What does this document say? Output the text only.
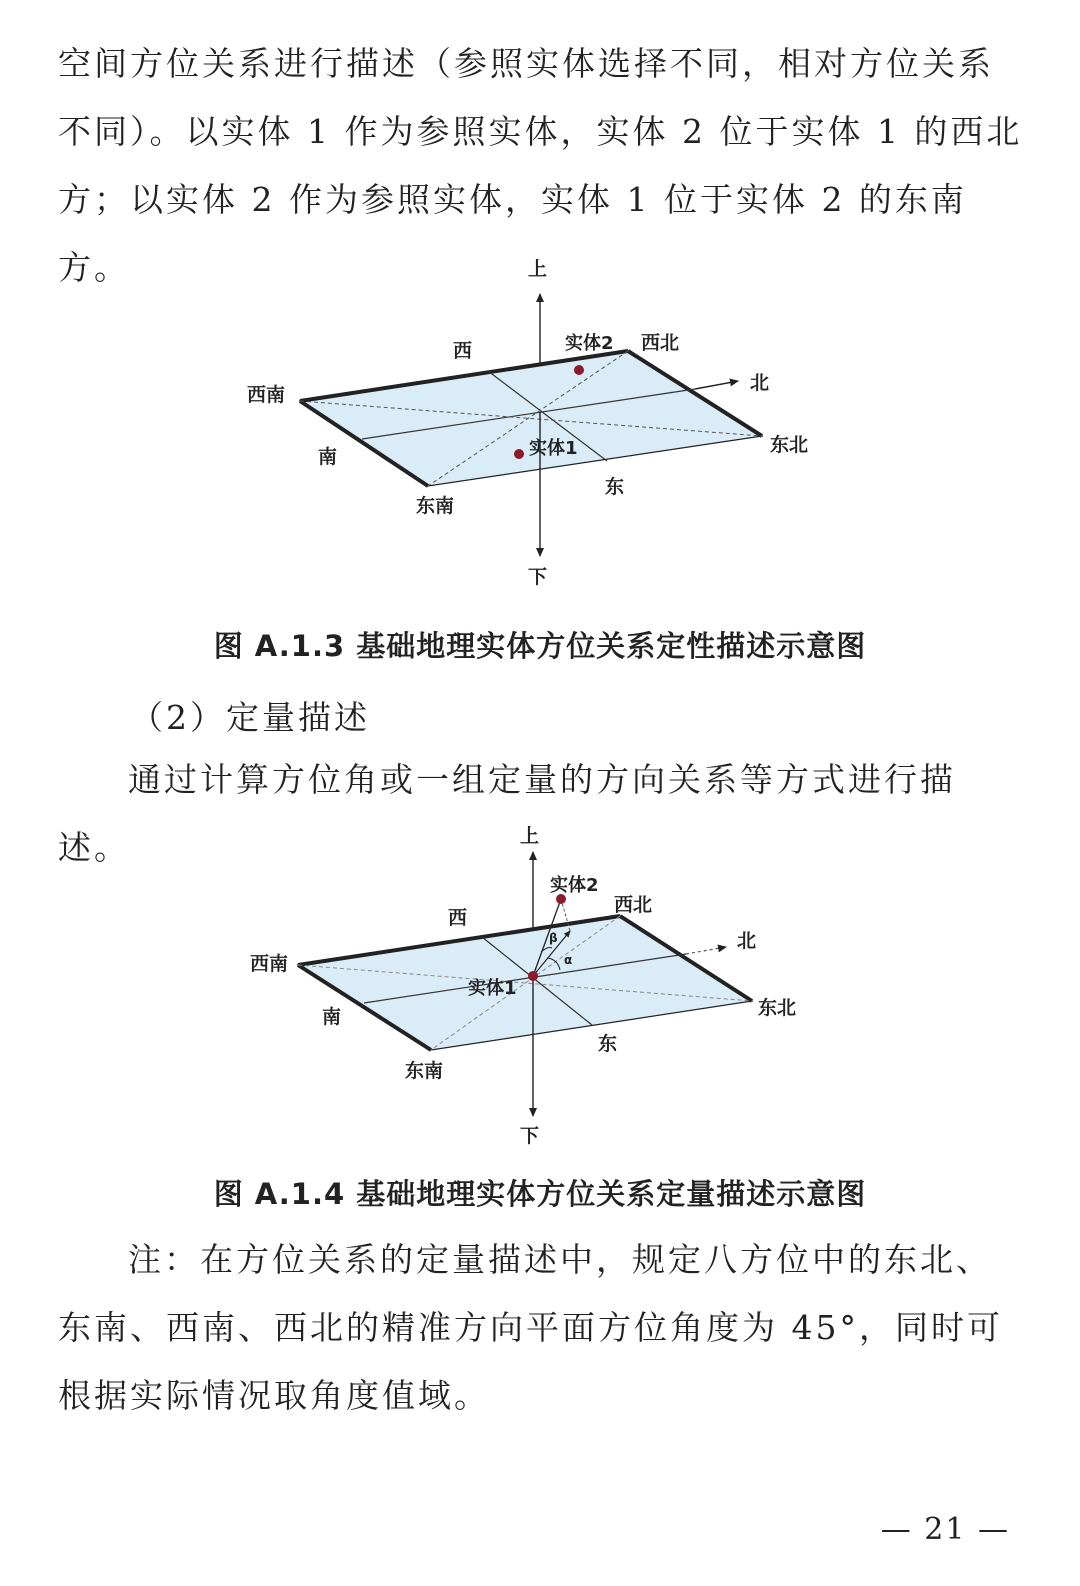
空间方位关系进行描述（参照实体选择不同，相对方位关系不同）。以实体 1 作为参照实体，实体 2 位于实体 1 的西北方；以实体 2 作为参照实体，实体 1 位于实体 2 的东南方。	上
西	实体2 西北
北
西南
实体1	东北
南
东
东南
下

图 A.1.3 基础地理实体方位关系定性描述示意图

（2）定量描述

通过计算方位角或一组定量的方向关系等方式进行描述。	上
实体2
西
西北
北
β
α
西南
实体1
东北
南
东
东南
下

图 A.1.4 基础地理实体方位关系定量描述示意图

注：在方位关系的定量描述中，规定八方位中的东北、东南、西南、西北的精准方向平面方位角度为 45°，同时可根据实际情况取角度值域。

— 21 —
